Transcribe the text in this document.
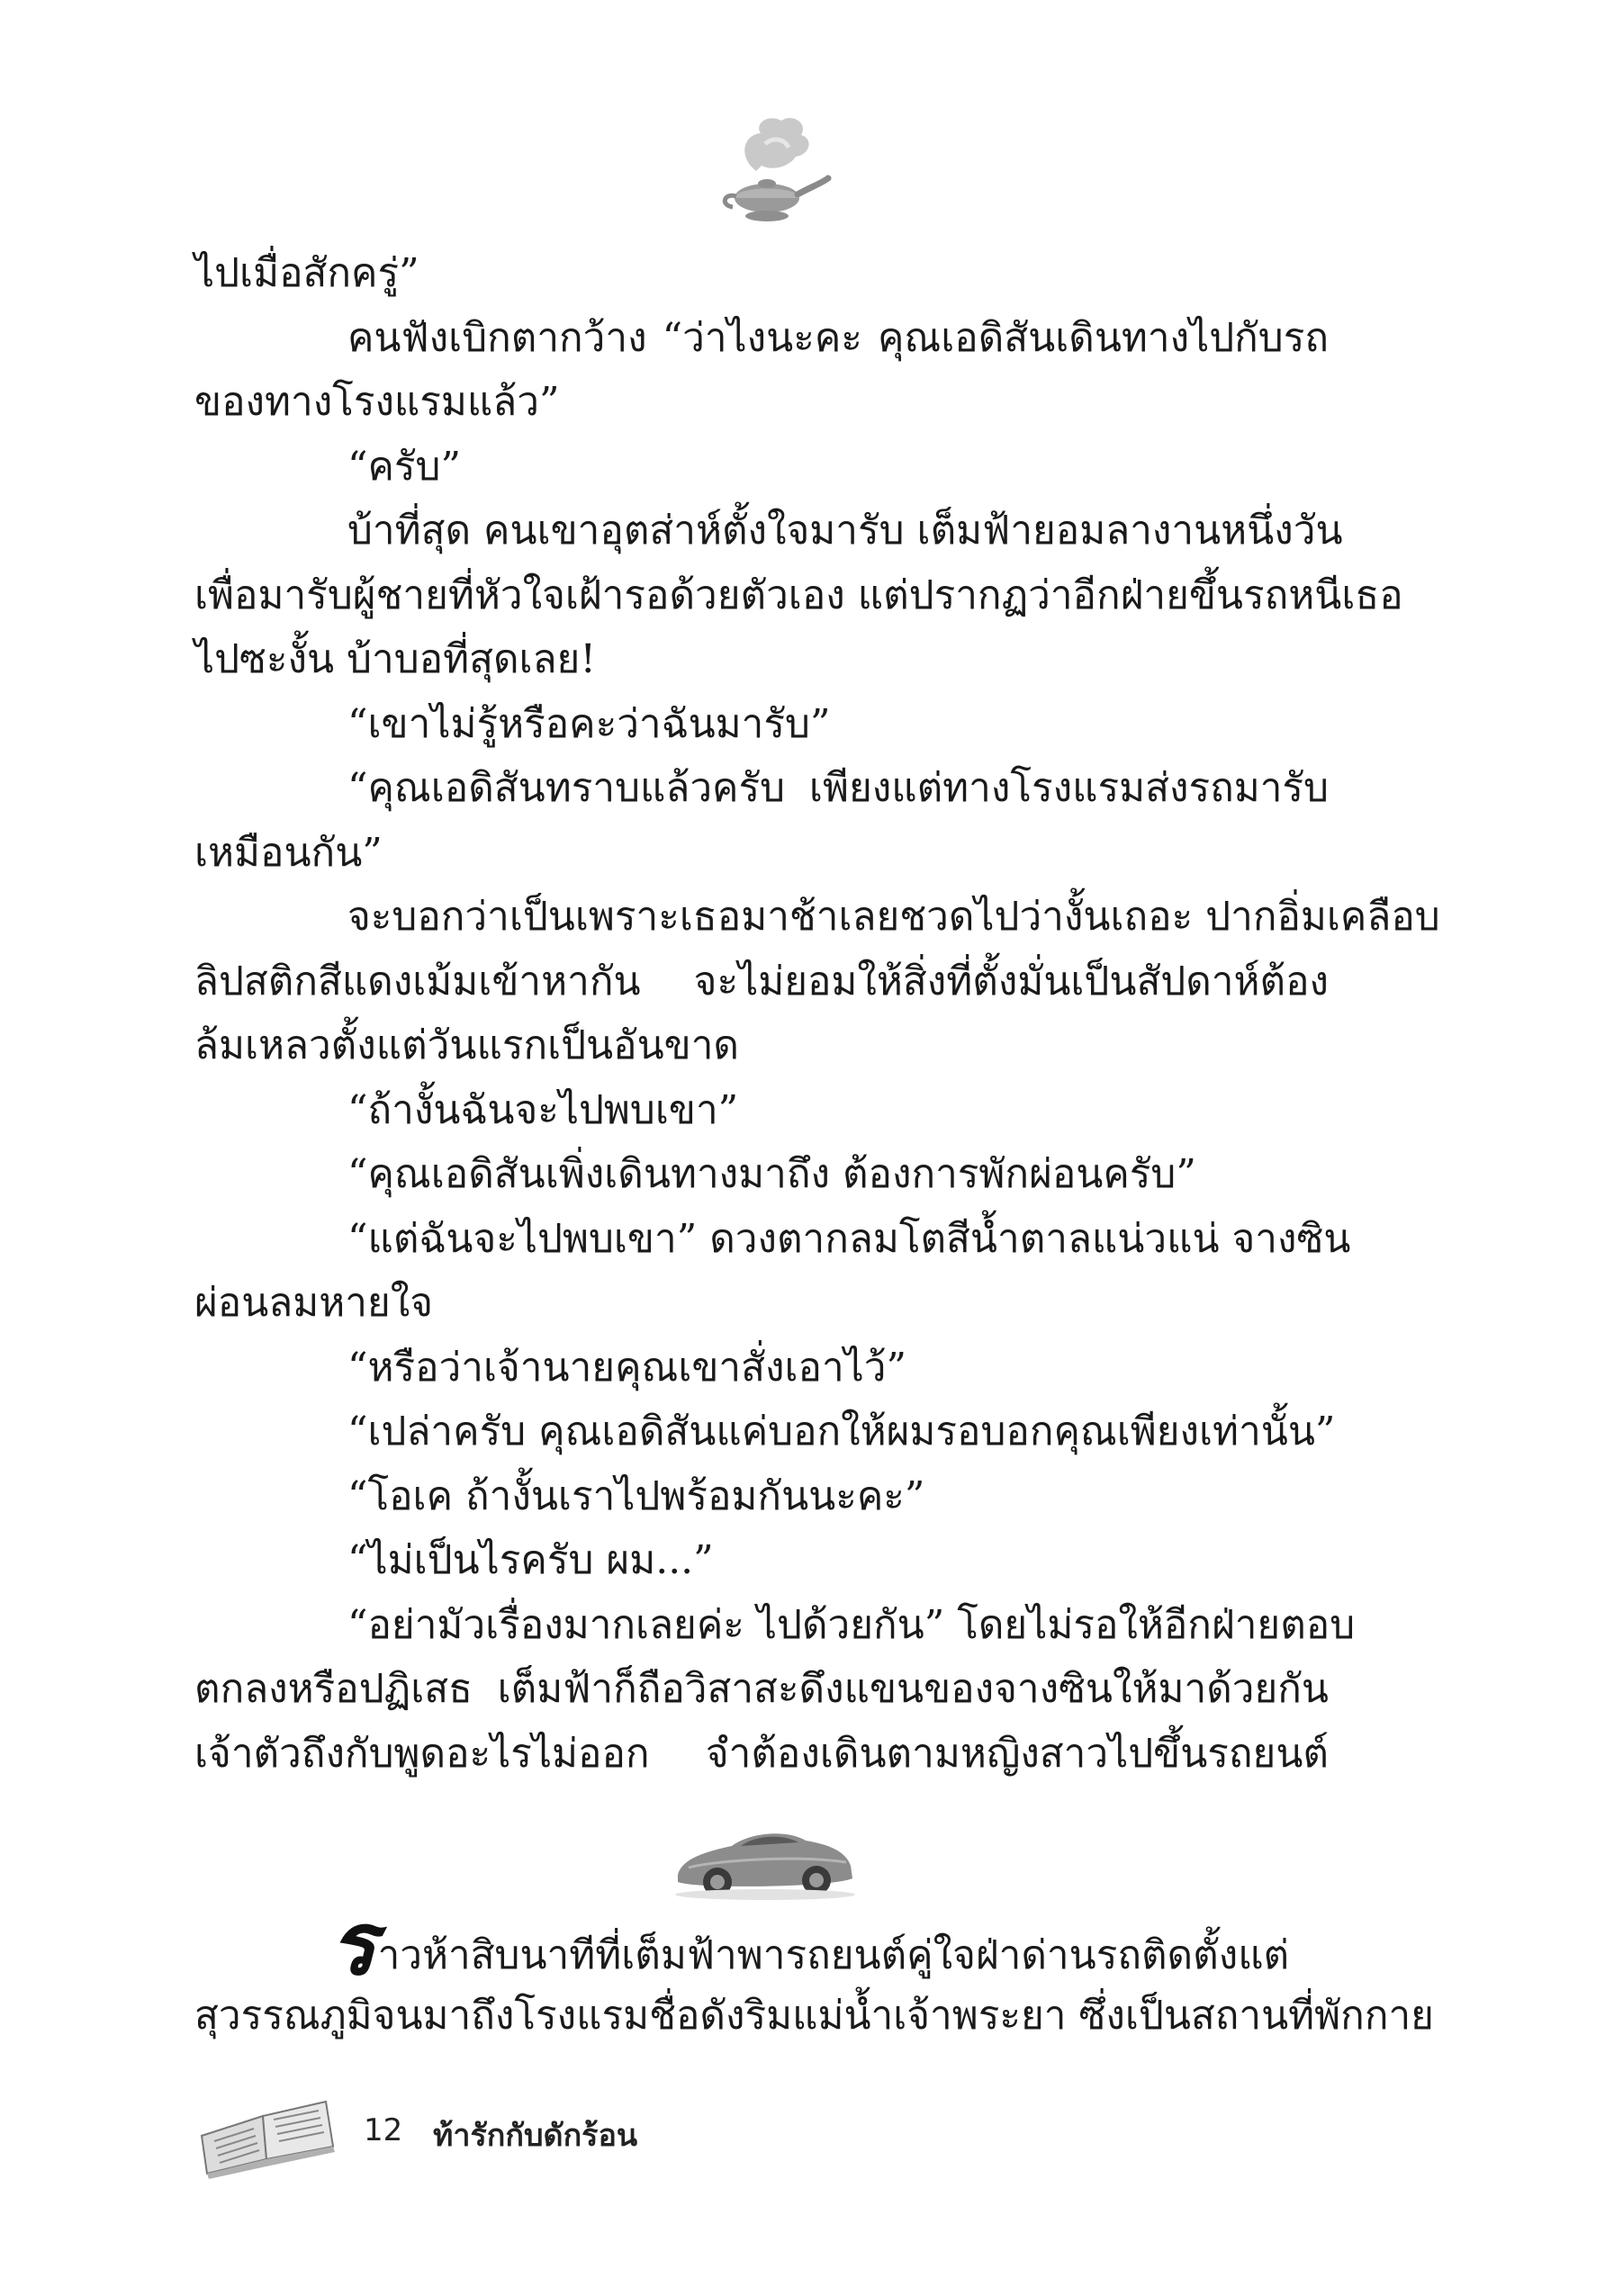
ไปเมื่อสักครู่”
คนฟังเบิกตากว้าง “ว่าไงนะคะ คุณเอดิสันเดินทางไปกับรถ
ของทางโรงแรมแล้ว”
“ครับ”
บ้าที่สุด คนเขาอุตส่าห์ตั้งใจมารับ เต็มฟ้ายอมลางานหนึ่งวัน
เพื่อมารับผู้ชายที่หัวใจเฝ้ารอด้วยตัวเอง แต่ปรากฏว่าอีกฝ่ายขึ้นรถหนีเธอ
ไปซะงั้น บ้าบอที่สุดเลย!
“เขาไม่รู้หรือคะว่าฉันมารับ”
“คุณเอดิสันทราบแล้วครับ เพียงแต่ทางโรงแรมส่งรถมารับ
เหมือนกัน”
จะบอกว่าเป็นเพราะเธอมาช้าเลยชวดไปว่างั้นเถอะ ปากอิ่มเคลือบ
ลิปสติกสีแดงเม้มเข้าหากัน จะไม่ยอมให้สิ่งที่ตั้งมั่นเป็นสัปดาห์ต้อง
ล้มเหลวตั้งแต่วันแรกเป็นอันขาด
“ถ้างั้นฉันจะไปพบเขา”
“คุณเอดิสันเพิ่งเดินทางมาถึง ต้องการพักผ่อนครับ”
“แต่ฉันจะไปพบเขา” ดวงตากลมโตสีน้ำตาลแน่วแน่ จางซิน
ผ่อนลมหายใจ
“หรือว่าเจ้านายคุณเขาสั่งเอาไว้”
“เปล่าครับ คุณเอดิสันแค่บอกให้ผมรอบอกคุณเพียงเท่านั้น”
“โอเค ถ้างั้นเราไปพร้อมกันนะคะ”
“ไม่เป็นไรครับ ผม...”
“อย่ามัวเรื่องมากเลยค่ะ ไปด้วยกัน” โดยไม่รอให้อีกฝ่ายตอบ
ตกลงหรือปฏิเสธ เต็มฟ้าก็ถือวิสาสะดึงแขนของจางซินให้มาด้วยกัน
เจ้าตัวถึงกับพูดอะไรไม่ออก จำต้องเดินตามหญิงสาวไปขึ้นรถยนต์
ราวห้าสิบนาทีที่เต็มฟ้าพารถยนต์คู่ใจฝ่าด่านรถติดตั้งแต่
สุวรรณภูมิจนมาถึงโรงแรมชื่อดังริมแม่น้ำเจ้าพระยา ซึ่งเป็นสถานที่พักกาย
12 ท้ารักกับดักร้อน
